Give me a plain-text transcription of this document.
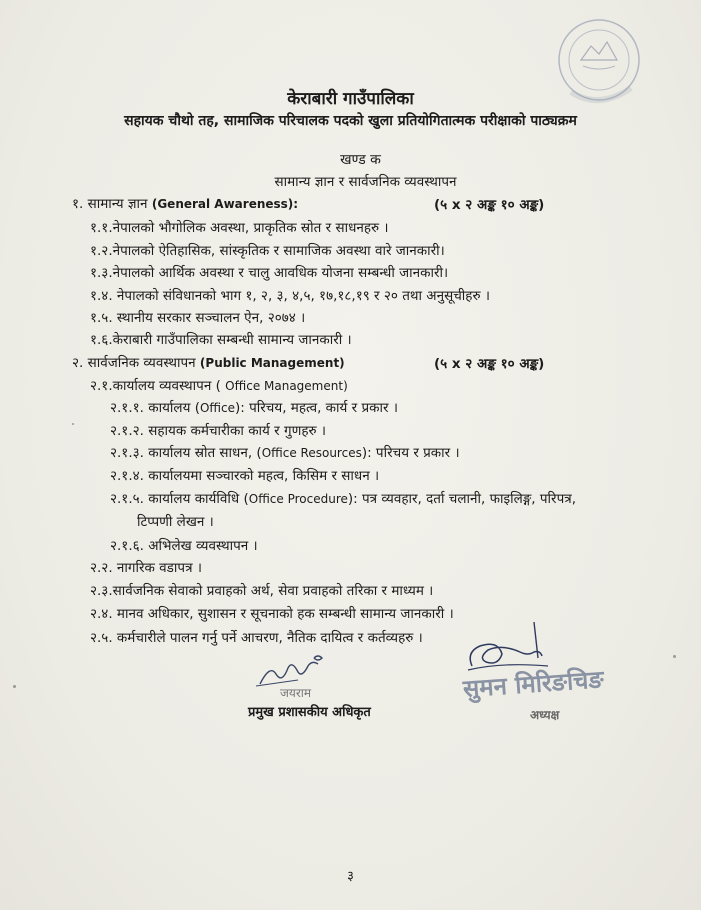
केराबारी गाउँपालिका
सहायक चौथो तह, सामाजिक परिचालक पदको खुला प्रतियोगितात्मक परीक्षाको पाठ्यक्रम
खण्ड क
सामान्य ज्ञान र सार्वजनिक व्यवस्थापन
१. सामान्य ज्ञान (General Awareness):	(५ x २ अङ्क १० अङ्क)
१.१.नेपालको भौगोलिक अवस्था, प्राकृतिक स्रोत र साधनहरु ।
१.२.नेपालको ऐतिहासिक, सांस्कृतिक र सामाजिक अवस्था वारे जानकारी।
१.३.नेपालको आर्थिक अवस्था र चालु आवधिक योजना सम्बन्धी जानकारी।
१.४. नेपालको संविधानको भाग १, २, ३, ४,५, १७,१८,१९ र २० तथा अनुसूचीहरु ।
१.५. स्थानीय सरकार सञ्चालन ऐन, २०७४ ।
१.६.केराबारी गाउँपालिका सम्बन्धी सामान्य जानकारी ।
२. सार्वजनिक व्यवस्थापन (Public Management)	(५ x २ अङ्क १० अङ्क)
२.१.कार्यालय व्यवस्थापन ( Office Management)
२.१.१. कार्यालय (Office): परिचय, महत्व, कार्य र प्रकार ।
२.१.२. सहायक कर्मचारीका कार्य र गुणहरु ।
२.१.३. कार्यालय स्रोत साधन, (Office Resources): परिचय र प्रकार ।
२.१.४. कार्यालयमा सञ्चारको महत्व, किसिम र साधन ।
२.१.५. कार्यालय कार्यविधि (Office Procedure): पत्र व्यवहार, दर्ता चलानी, फाइलिङ्ग, परिपत्र,
टिप्पणी लेखन ।
२.१.६. अभिलेख व्यवस्थापन ।
२.२. नागरिक वडापत्र ।
२.३.सार्वजनिक सेवाको प्रवाहको अर्थ, सेवा प्रवाहको तरिका र माध्यम ।
२.४. मानव अधिकार, सुशासन र सूचनाको हक सम्बन्धी सामान्य जानकारी ।
२.५. कर्मचारीले पालन गर्नु पर्ने आचरण, नैतिक दायित्व र कर्तव्यहरु ।
जयराम
प्रमुख प्रशासकीय अधिकृत
सुमन मिरिङचिङ
अध्यक्ष
३
